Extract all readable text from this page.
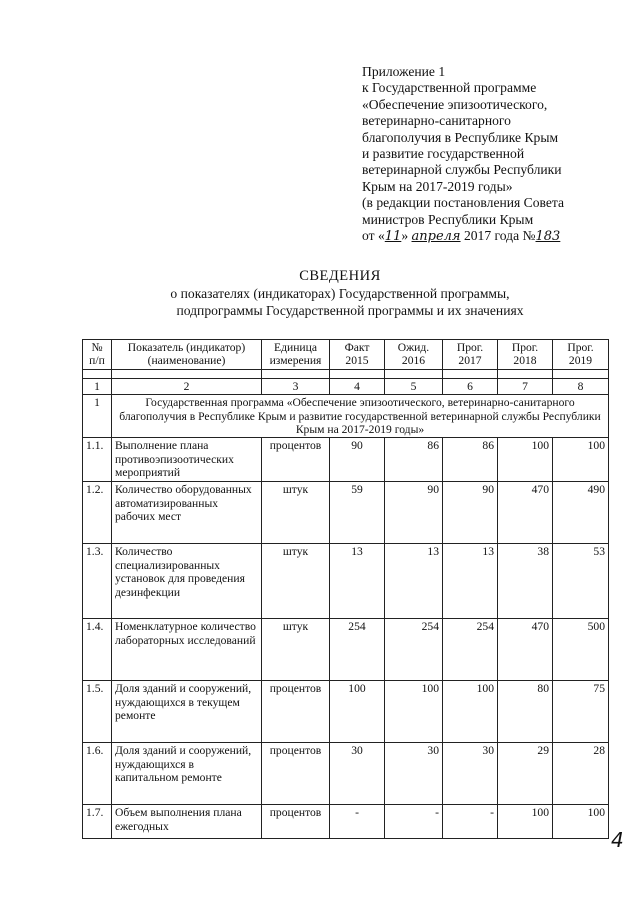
Приложение 1
к Государственной программе
«Обеспечение эпизоотического,
ветеринарно-санитарного
благополучия в Республике Крым
и развитие государственной
ветеринарной службы Республики
Крым на 2017-2019 годы»
(в редакции постановления Совета
министров Республики Крым
от «11» апреля 2017 года №183
СВЕДЕНИЯ
о показателях (индикаторах) Государственной программы,
подпрограммы Государственной программы и их значениях
№ п/п	Показатель (индикатор) (наименование)	Единица измерения	Факт 2015	Ожид. 2016	Прог. 2017	Прог. 2018	Прог. 2019

1	2	3	4	5	6	7	8
1	Государственная программа «Обеспечение эпизоотического, ветеринарно-санитарного благополучия в Республике Крым и развитие государственной ветеринарной службы Республики Крым на 2017-2019 годы»						
1.1.	Выполнение плана противоэпизоотических мероприятий	процентов	90	86	86	100	100
1.2.	Количество оборудованных автоматизированных рабочих мест	штук	59	90	90	470	490
1.3.	Количество специализированных установок для проведения дезинфекции	штук	13	13	13	38	53
1.4.	Номенклатурное количество лабораторных исследований	штук	254	254	254	470	500
1.5.	Доля зданий и сооружений, нуждающихся в текущем ремонте	процентов	100	100	100	80	75
1.6.	Доля зданий и сооружений, нуждающихся в капитальном ремонте	процентов	30	30	30	29	28
1.7.	Объем выполнения плана ежегодных	процентов	-	-	-	100	100
4
